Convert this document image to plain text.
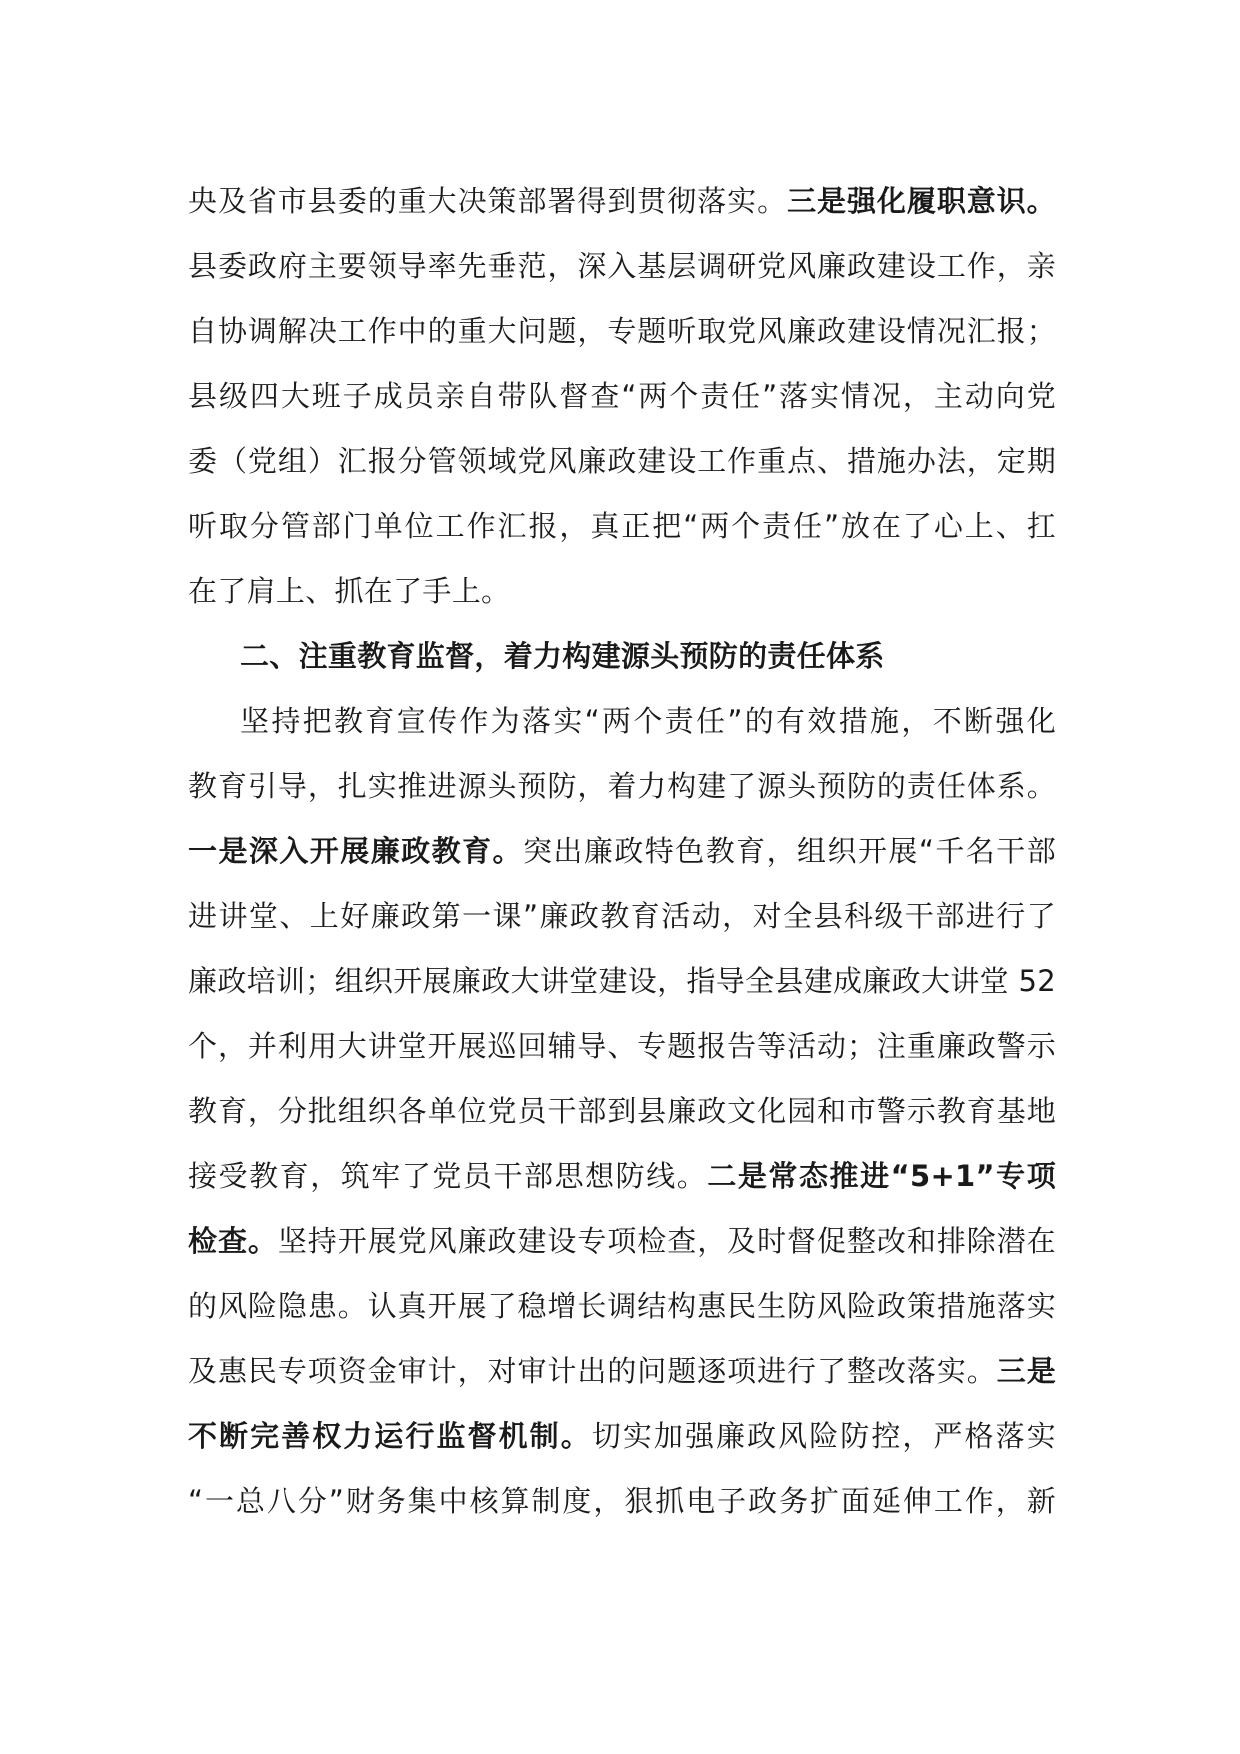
央及省市县委的重大决策部署得到贯彻落实。三是强化履职意识。
县委政府主要领导率先垂范，深入基层调研党风廉政建设工作，亲
自协调解决工作中的重大问题，专题听取党风廉政建设情况汇报；
县级四大班子成员亲自带队督查“两个责任”落实情况，主动向党
委（党组）汇报分管领域党风廉政建设工作重点、措施办法，定期
听取分管部门单位工作汇报，真正把“两个责任”放在了心上、扛
在了肩上、抓在了手上。
二、注重教育监督，着力构建源头预防的责任体系
坚持把教育宣传作为落实“两个责任”的有效措施，不断强化
教育引导，扎实推进源头预防，着力构建了源头预防的责任体系。
一是深入开展廉政教育。突出廉政特色教育，组织开展“千名干部
进讲堂、上好廉政第一课”廉政教育活动，对全县科级干部进行了
廉政培训；组织开展廉政大讲堂建设，指导全县建成廉政大讲堂 52
个，并利用大讲堂开展巡回辅导、专题报告等活动；注重廉政警示
教育，分批组织各单位党员干部到县廉政文化园和市警示教育基地
接受教育，筑牢了党员干部思想防线。二是常态推进“5+1”专项
检查。坚持开展党风廉政建设专项检查，及时督促整改和排除潜在
的风险隐患。认真开展了稳增长调结构惠民生防风险政策措施落实
及惠民专项资金审计，对审计出的问题逐项进行了整改落实。三是
不断完善权力运行监督机制。切实加强廉政风险防控，严格落实
“一总八分”财务集中核算制度，狠抓电子政务扩面延伸工作，新
